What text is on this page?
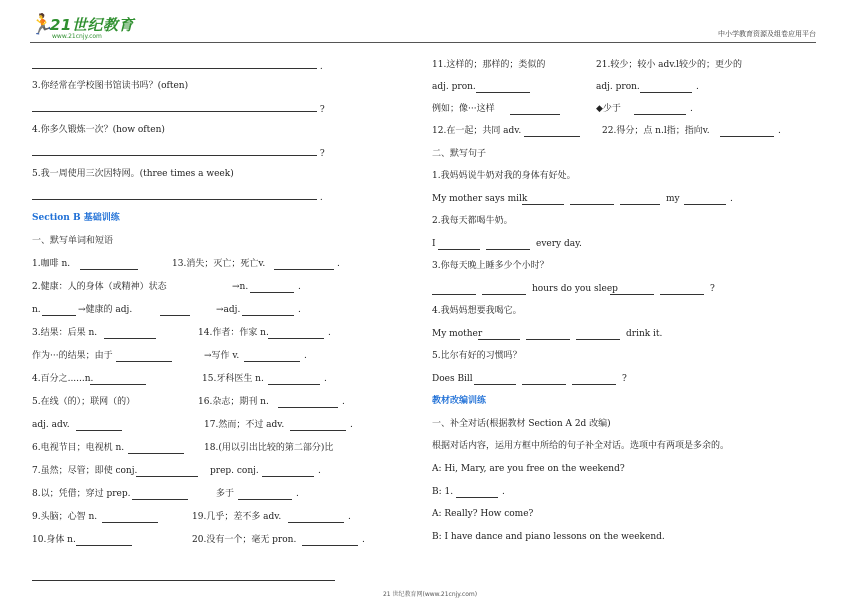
🏃
21世纪教育
www.21cnjy.com	中小学教育资源及组卷应用平台
.
3.你经常在学校图书馆读书吗？(often)
?
4.你多久锻炼一次？(how often)
?
5.我一周使用三次因特网。(three times a week)
.
Section B 基础训练
一、默写单词和短语
1.咖啡 n.	13.消失；灭亡；死亡v.	.
2.健康：人的身体（或精神）状态	→n.	.
n.	→健康的 adj.	→adj.	.
3.结果：后果 n.	14.作者：作家 n.	.
作为···的结果；由于	→写作 v.	.
4.百分之......n.	15.牙科医生 n.	.
5.在线（的）；联网（的）	16.杂志；期刊 n.	.
adj. adv.	17.然而；不过 adv.	.
6.电视节目；电视机 n.	18.(用以引出比较的第二部分)比
7.虽然；尽管；即使 conj.	prep. conj.	.
8.以；凭借；穿过 prep.	多于	.
9.头脑；心智 n.	19.几乎；差不多 adv.	.
10.身体 n.	20.没有一个；毫无 pron.	.
11.这样的；那样的；类似的	21.较少；较小 adv.l较少的；更少的
adj. pron.	adj. pron.	.
例如；像···这样	◆少于	.
12.在一起；共同 adv.	22.得分；点 n.l指；指向v.	.
二、默写句子
1.我妈妈说牛奶对我的身体有好处。
My mother says milk	my	.
2.我每天都喝牛奶。
I	every day.
3.你每天晚上睡多少个小时？
hours do you sleep	?
4.我妈妈想要我喝它。
My mother	drink it.
5.比尔有好的习惯吗？
Does Bill	?
教材改编训练
一、补全对话(根据教材 Section A 2d 改编)
根据对话内容，运用方框中所给的句子补全对话。选项中有两项是多余的。
A: Hi, Mary, are you free on the weekend?
B: 1.	.
A: Really? How come?
B: I have dance and piano lessons on the weekend.
21 世纪教育网(www.21cnjy.com)
